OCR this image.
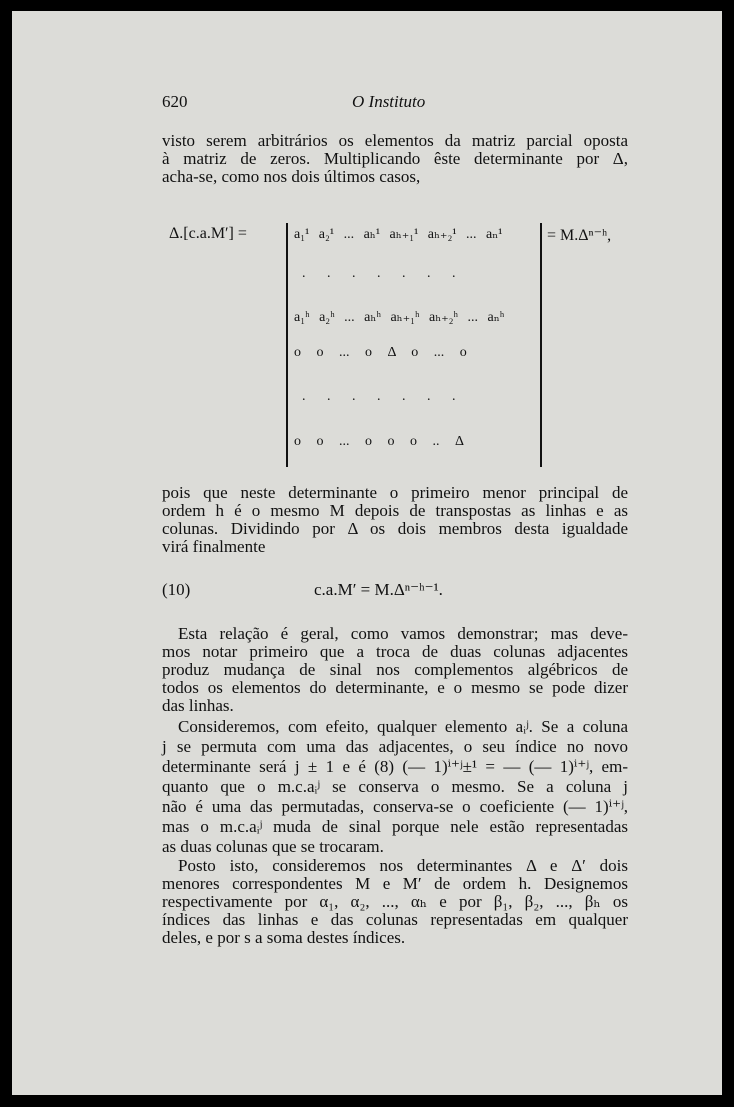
620	O Instituto
visto serem arbitrários os elementos da matriz parcial oposta
à matriz de zeros. Multiplicando êste determinante por Δ,
acha-se, como nos dois últimos casos,
Δ.[c.a.M′] =	= M.Δⁿ⁻ʰ,
a₁¹ a₂¹ ... aₕ¹ aₕ₊₁¹ aₕ₊₂¹ ... aₙ¹
. . . . . . .
a₁ʰ a₂ʰ ... aₕʰ aₕ₊₁ʰ aₕ₊₂ʰ ... aₙʰ
o o ... o Δ o ... o
. . . . . . .
o o ... o o o .. Δ
pois que neste determinante o primeiro menor principal de
ordem h é o mesmo M depois de transpostas as linhas e as
colunas. Dividindo por Δ os dois membros desta igualdade
virá finalmente
(10)	c.a.M′ = M.Δⁿ⁻ʰ⁻¹.
Esta relação é geral, como vamos demonstrar; mas deve-
mos notar primeiro que a troca de duas colunas adjacentes
produz mudança de sinal nos complementos algébricos de
todos os elementos do determinante, e o mesmo se pode dizer
das linhas.
Consideremos, com efeito, qualquer elemento aᵢʲ. Se a coluna
j se permuta com uma das adjacentes, o seu índice no novo
determinante será j ± 1 e é (8) (— 1)ⁱ⁺ʲ±¹ = — (— 1)ⁱ⁺ʲ, em-
quanto que o m.c.aᵢʲ se conserva o mesmo. Se a coluna j
não é uma das permutadas, conserva-se o coeficiente (— 1)ⁱ⁺ʲ,
mas o m.c.aᵢʲ muda de sinal porque nele estão representadas
as duas colunas que se trocaram.
Posto isto, consideremos nos determinantes Δ e Δ′ dois
menores correspondentes M e M′ de ordem h. Designemos
respectivamente por α₁, α₂, ..., αₕ e por β₁, β₂, ..., βₕ os
índices das linhas e das colunas representadas em qualquer
deles, e por s a soma destes índices.
